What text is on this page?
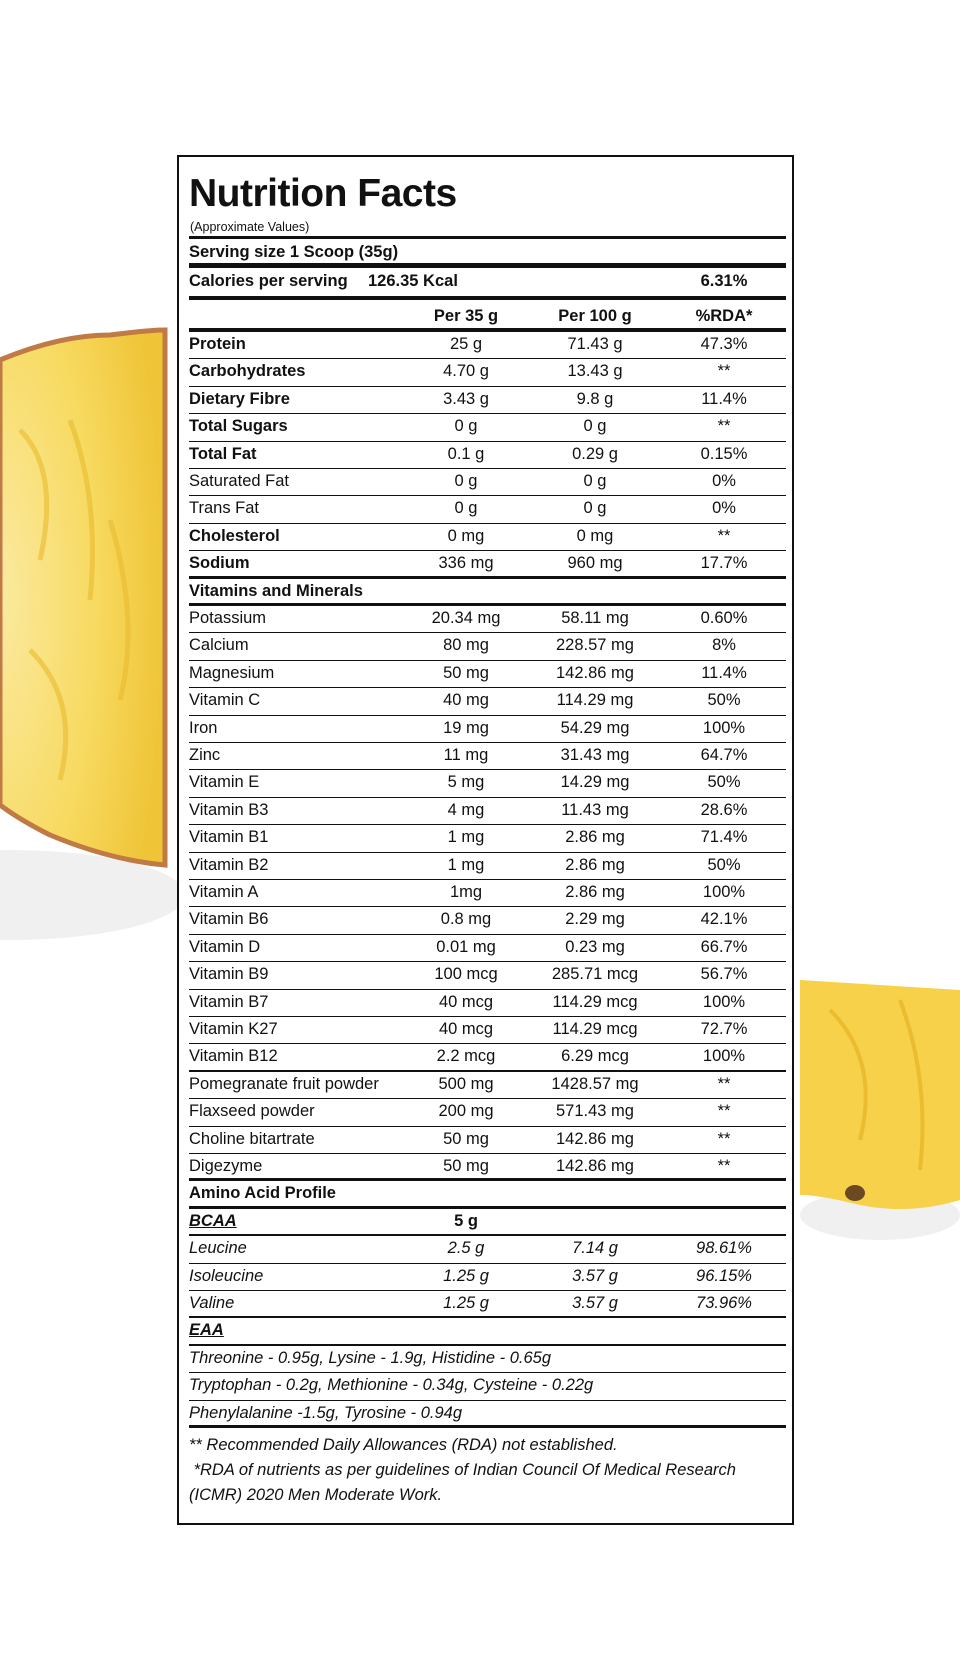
Nutrition Facts
(Approximate Values)
Serving size 1 Scoop (35g)
Calories per serving 126.35 Kcal	6.31%
Per 35 g	Per 100 g	%RDA*
Protein	25 g	71.43 g	47.3%
Carbohydrates	4.70 g	13.43 g	**
Dietary Fibre	3.43 g	9.8 g	11.4%
Total Sugars	0 g	0 g	**
Total Fat	0.1 g	0.29 g	0.15%
Saturated Fat	0 g	0 g	0%
Trans Fat	0 g	0 g	0%
Cholesterol	0 mg	0 mg	**
Sodium	336 mg	960 mg	17.7%
Vitamins and Minerals
Potassium	20.34 mg	58.11 mg	0.60%
Calcium	80 mg	228.57 mg	8%
Magnesium	50 mg	142.86 mg	11.4%
Vitamin C	40 mg	114.29 mg	50%
Iron	19 mg	54.29 mg	100%
Zinc	11 mg	31.43 mg	64.7%
Vitamin E	5 mg	14.29 mg	50%
Vitamin B3	4 mg	11.43 mg	28.6%
Vitamin B1	1 mg	2.86 mg	71.4%
Vitamin B2	1 mg	2.86 mg	50%
Vitamin A	1mg	2.86 mg	100%
Vitamin B6	0.8 mg	2.29 mg	42.1%
Vitamin D	0.01 mg	0.23 mg	66.7%
Vitamin B9	100 mcg	285.71 mcg	56.7%
Vitamin B7	40 mcg	114.29 mcg	100%
Vitamin K27	40 mcg	114.29 mcg	72.7%
Vitamin B12	2.2 mcg	6.29 mcg	100%
Pomegranate fruit powder	500 mg	1428.57 mg	**
Flaxseed powder	200 mg	571.43 mg	**
Choline bitartrate	50 mg	142.86 mg	**
Digezyme	50 mg	142.86 mg	**
Amino Acid Profile
BCAA	5 g
Leucine	2.5 g	7.14 g	98.61%
Isoleucine	1.25 g	3.57 g	96.15%
Valine	1.25 g	3.57 g	73.96%
EAA
Threonine - 0.95g, Lysine - 1.9g, Histidine - 0.65g
Tryptophan - 0.2g, Methionine - 0.34g, Cysteine - 0.22g
Phenylalanine -1.5g, Tyrosine - 0.94g
** Recommended Daily Allowances (RDA) not established.
*RDA of nutrients as per guidelines of Indian Council Of Medical Research
(ICMR) 2020 Men Moderate Work.
